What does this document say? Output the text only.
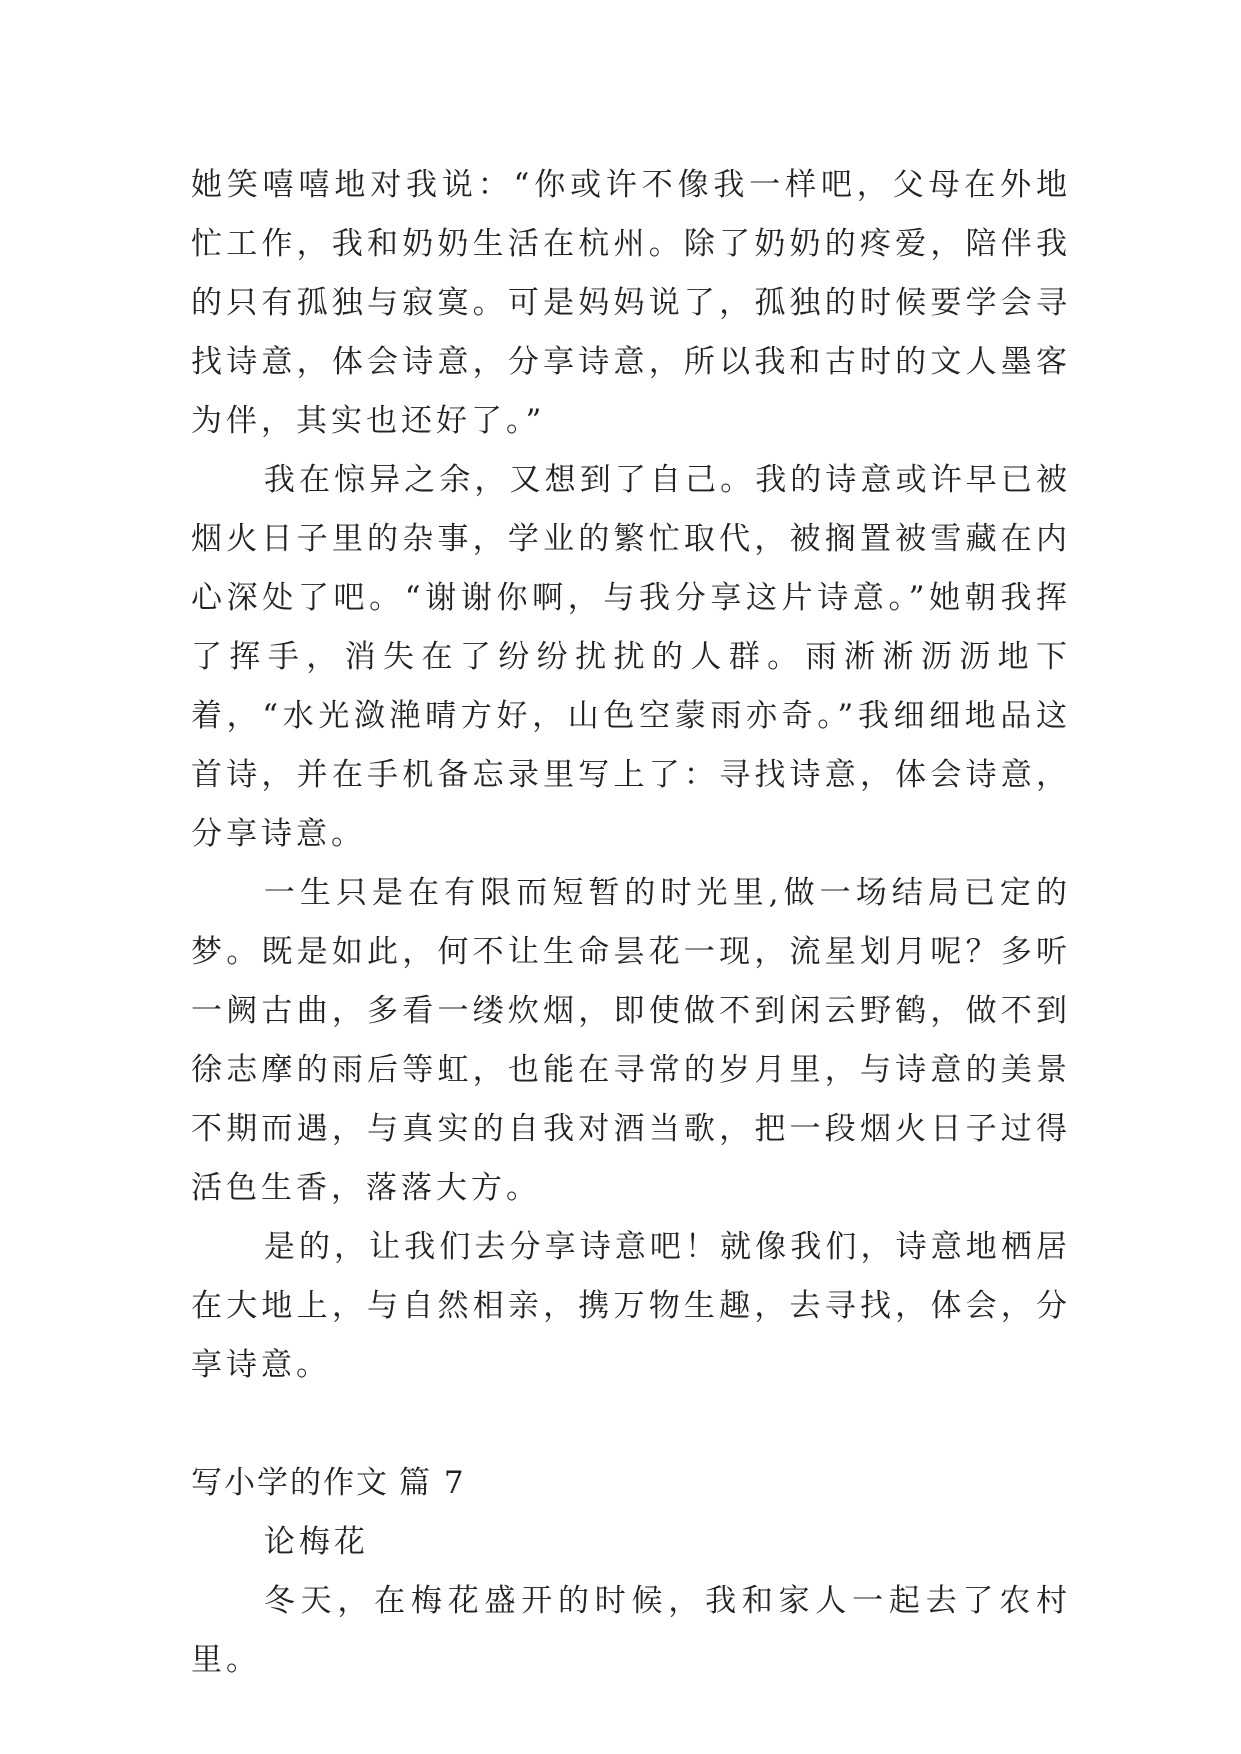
她笑嘻嘻地对我说：“你或许不像我一样吧，父母在外地忙工作，我和奶奶生活在杭州。除了奶奶的疼爱，陪伴我的只有孤独与寂寞。可是妈妈说了，孤独的时候要学会寻找诗意，体会诗意，分享诗意，所以我和古时的文人墨客为伴，其实也还好了。”

我在惊异之余，又想到了自己。我的诗意或许早已被烟火日子里的杂事，学业的繁忙取代，被搁置被雪藏在内心深处了吧。“谢谢你啊，与我分享这片诗意。”她朝我挥了挥手，消失在了纷纷扰扰的人群。雨淅淅沥沥地下着，“水光潋滟晴方好，山色空蒙雨亦奇。”我细细地品这首诗，并在手机备忘录里写上了：寻找诗意，体会诗意，分享诗意。

一生只是在有限而短暂的时光里,做一场结局已定的梦。既是如此，何不让生命昙花一现，流星划月呢？多听一阙古曲，多看一缕炊烟，即使做不到闲云野鹤，做不到徐志摩的雨后等虹，也能在寻常的岁月里，与诗意的美景不期而遇，与真实的自我对酒当歌，把一段烟火日子过得活色生香，落落大方。

是的，让我们去分享诗意吧！就像我们，诗意地栖居在大地上，与自然相亲，携万物生趣，去寻找，体会，分享诗意。

写小学的作文 篇 7

论梅花

冬天，在梅花盛开的时候，我和家人一起去了农村里。
